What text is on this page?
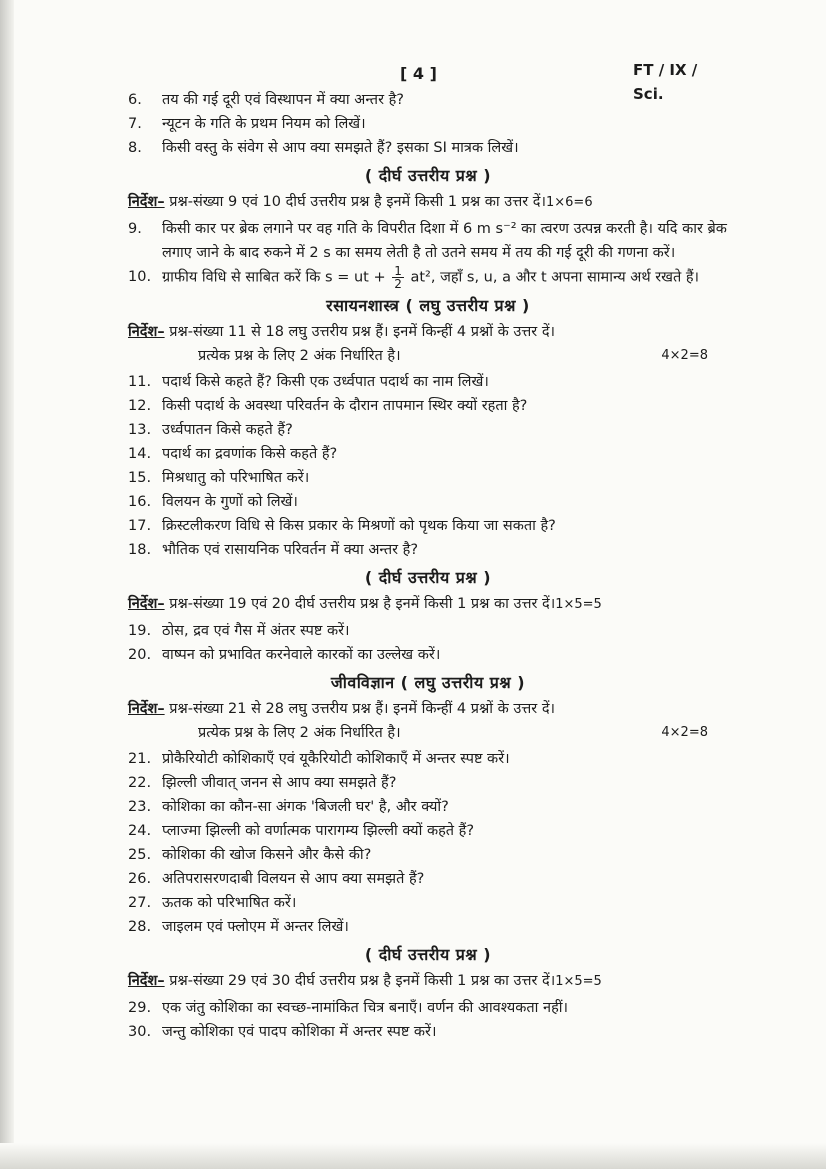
[ 4 ]	FT / IX / Sci.
6.	तय की गई दूरी एवं विस्थापन में क्या अन्तर है?
7.	न्यूटन के गति के प्रथम नियम को लिखें।
8.	किसी वस्तु के संवेग से आप क्या समझते हैं? इसका SI मात्रक लिखें।
( दीर्घ उत्तरीय प्रश्न )
निर्देश– प्रश्न-संख्या 9 एवं 10 दीर्घ उत्तरीय प्रश्न है इनमें किसी 1 प्रश्न का उत्तर दें।1×6=6
9.	किसी कार पर ब्रेक लगाने पर वह गति के विपरीत दिशा में 6 m s⁻² का त्वरण उत्पन्न करती है। यदि कार ब्रेक लगाए जाने के बाद रुकने में 2 s का समय लेती है तो उतने समय में तय की गई दूरी की गणना करें।
10. ग्राफीय विधि से साबित करें कि s = ut + $\frac{1}{2} at^2$, जहाँ s, u, a और t अपना सामान्य अर्थ रखते हैं।
रसायनशास्त्र ( लघु उत्तरीय प्रश्न )
निर्देश– प्रश्न-संख्या 11 से 18 लघु उत्तरीय प्रश्न हैं। इनमें किन्हीं 4 प्रश्नों के उत्तर दें।
प्रत्येक प्रश्न के लिए 2 अंक निर्धारित है।	4×2=8
11. पदार्थ किसे कहते हैं? किसी एक उर्ध्वपात पदार्थ का नाम लिखें।
12. किसी पदार्थ के अवस्था परिवर्तन के दौरान तापमान स्थिर क्यों रहता है?
13. उर्ध्वपातन किसे कहते हैं?
14. पदार्थ का द्रवणांक किसे कहते हैं?
15. मिश्रधातु को परिभाषित करें।
16. विलयन के गुणों को लिखें।
17. क्रिस्टलीकरण विधि से किस प्रकार के मिश्रणों को पृथक किया जा सकता है?
18. भौतिक एवं रासायनिक परिवर्तन में क्या अन्तर है?
( दीर्घ उत्तरीय प्रश्न )
निर्देश– प्रश्न-संख्या 19 एवं 20 दीर्घ उत्तरीय प्रश्न है इनमें किसी 1 प्रश्न का उत्तर दें।1×5=5
19. ठोस, द्रव एवं गैस में अंतर स्पष्ट करें।
20. वाष्पन को प्रभावित करनेवाले कारकों का उल्लेख करें।
जीवविज्ञान ( लघु उत्तरीय प्रश्न )
निर्देश– प्रश्न-संख्या 21 से 28 लघु उत्तरीय प्रश्न हैं। इनमें किन्हीं 4 प्रश्नों के उत्तर दें।
प्रत्येक प्रश्न के लिए 2 अंक निर्धारित है।	4×2=8
21. प्रोकैरियोटी कोशिकाएँ एवं यूकैरियोटी कोशिकाएँ में अन्तर स्पष्ट करें।
22. झिल्ली जीवात् जनन से आप क्या समझते हैं?
23. कोशिका का कौन-सा अंगक 'बिजली घर' है, और क्यों?
24. प्लाज्मा झिल्ली को वर्णात्मक पारागम्य झिल्ली क्यों कहते हैं?
25. कोशिका की खोज किसने और कैसे की?
26. अतिपरासरणदाबी विलयन से आप क्या समझते हैं?
27. ऊतक को परिभाषित करें।
28. जाइलम एवं फ्लोएम में अन्तर लिखें।
( दीर्घ उत्तरीय प्रश्न )
निर्देश– प्रश्न-संख्या 29 एवं 30 दीर्घ उत्तरीय प्रश्न है इनमें किसी 1 प्रश्न का उत्तर दें।1×5=5
29. एक जंतु कोशिका का स्वच्छ-नामांकित चित्र बनाएँ। वर्णन की आवश्यकता नहीं।
30. जन्तु कोशिका एवं पादप कोशिका में अन्तर स्पष्ट करें।
